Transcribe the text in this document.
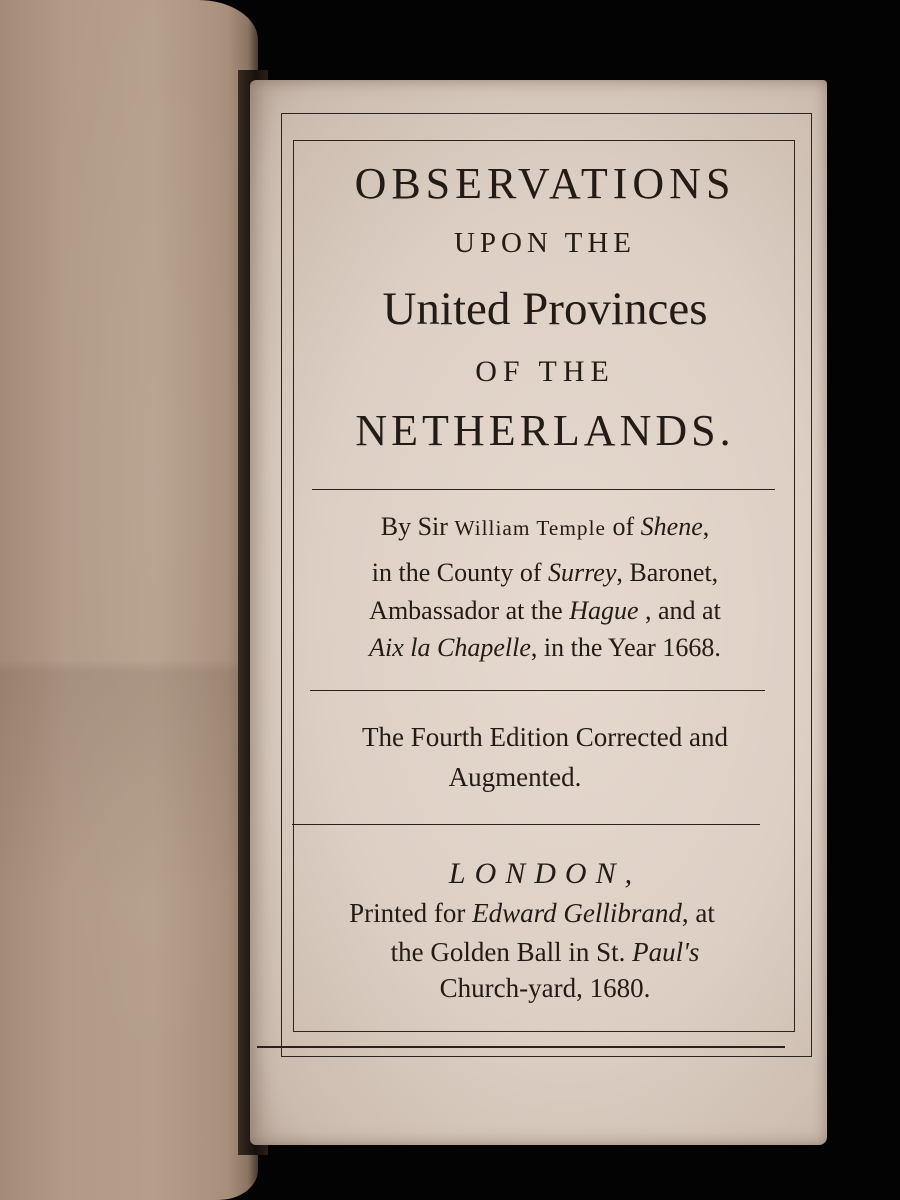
OBSERVATIONS

UPON THE

United Provinces

OF THE

NETHERLANDS.

By Sir William Temple of Shene,

in the County of Surrey, Baronet,

Ambassador at the Hague , and at

Aix la Chapelle, in the Year 1668.

The Fourth Edition Corrected and

Augmented.

LONDON,

Printed for Edward Gellibrand, at

the Golden Ball in St. Paul's

Church-yard, 1680.
